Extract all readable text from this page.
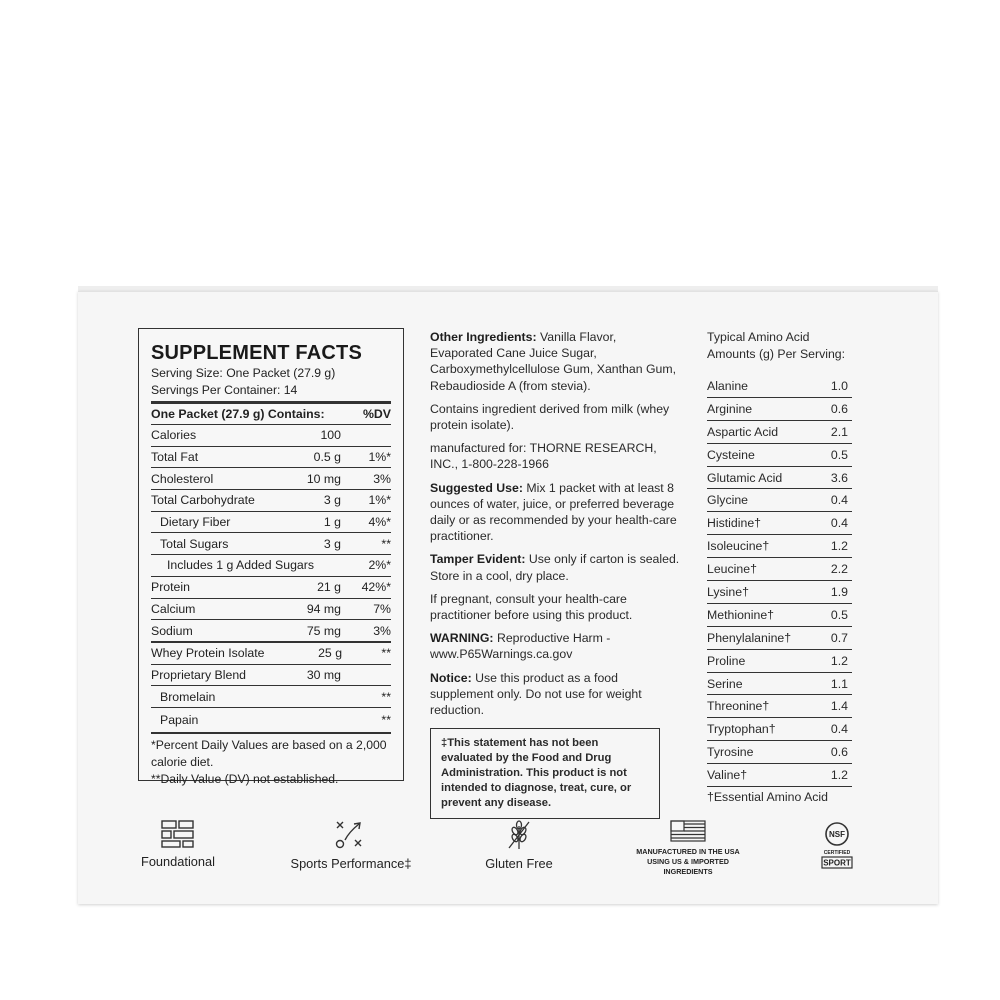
SUPPLEMENT FACTS
Serving Size: One Packet (27.9 g)
Servings Per Container: 14
One Packet (27.9 g) Contains:	%DV
Calories	100
Total Fat	0.5 g	1%*
Cholesterol	10 mg	3%
Total Carbohydrate	3 g	1%*
Dietary Fiber	1 g	4%*
Total Sugars	3 g	**
Includes 1 g Added Sugars	2%*
Protein	21 g	42%*
Calcium	94 mg	7%
Sodium	75 mg	3%
Whey Protein Isolate	25 g	**
Proprietary Blend	30 mg
Bromelain	**
Papain	**
*Percent Daily Values are based on a 2,000 calorie diet.
**Daily Value (DV) not established.

Other Ingredients: Vanilla Flavor, Evaporated Cane Juice Sugar, Carboxymethylcellulose Gum, Xanthan Gum, Rebaudioside A (from stevia).

Contains ingredient derived from milk (whey protein isolate).

manufactured for: THORNE RESEARCH, INC., 1-800-228-1966

Suggested Use: Mix 1 packet with at least 8 ounces of water, juice, or preferred beverage daily or as recommended by your health-care practitioner.

Tamper Evident: Use only if carton is sealed. Store in a cool, dry place.

If pregnant, consult your health-care practitioner before using this product.

WARNING: Reproductive Harm - www.P65Warnings.ca.gov

Notice: Use this product as a food supplement only. Do not use for weight reduction.

‡This statement has not been evaluated by the Food and Drug Administration. This product is not intended to diagnose, treat, cure, or prevent any disease.
Typical Amino Acid Amounts (g) Per Serving:
Alanine	1.0
Arginine	0.6
Aspartic Acid	2.1
Cysteine	0.5
Glutamic Acid	3.6
Glycine	0.4
Histidine†	0.4
Isoleucine†	1.2
Leucine†	2.2
Lysine†	1.9
Methionine†	0.5
Phenylalanine†	0.7
Proline	1.2
Serine	1.1
Threonine†	1.4
Tryptophan†	0.4
Tyrosine	0.6
Valine†	1.2
†Essential Amino Acid
Foundational	Sports Performance‡	Gluten Free
MANUFACTURED IN THE USA
USING US & IMPORTED INGREDIENTS
NSF
CERTIFIED
SPORT
